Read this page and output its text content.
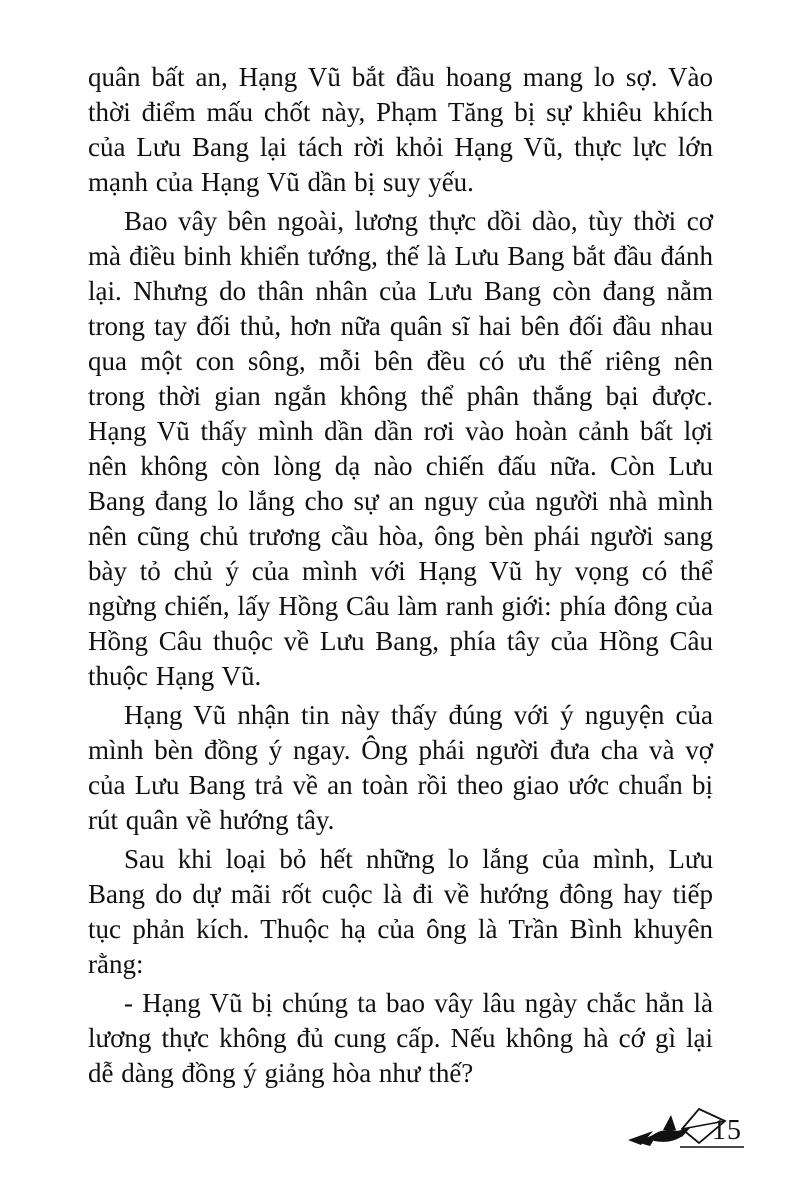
quân bất an, Hạng Vũ bắt đầu hoang mang lo sợ. Vào thời điểm mấu chốt này, Phạm Tăng bị sự khiêu khích của Lưu Bang lại tách rời khỏi Hạng Vũ, thực lực lớn mạnh của Hạng Vũ dần bị suy yếu.

Bao vây bên ngoài, lương thực dồi dào, tùy thời cơ mà điều binh khiển tướng, thế là Lưu Bang bắt đầu đánh lại. Nhưng do thân nhân của Lưu Bang còn đang nằm trong tay đối thủ, hơn nữa quân sĩ hai bên đối đầu nhau qua một con sông, mỗi bên đều có ưu thế riêng nên trong thời gian ngắn không thể phân thắng bại được. Hạng Vũ thấy mình dần dần rơi vào hoàn cảnh bất lợi nên không còn lòng dạ nào chiến đấu nữa. Còn Lưu Bang đang lo lắng cho sự an nguy của người nhà mình nên cũng chủ trương cầu hòa, ông bèn phái người sang bày tỏ chủ ý của mình với Hạng Vũ hy vọng có thể ngừng chiến, lấy Hồng Câu làm ranh giới: phía đông của Hồng Câu thuộc về Lưu Bang, phía tây của Hồng Câu thuộc Hạng Vũ.

Hạng Vũ nhận tin này thấy đúng với ý nguyện của mình bèn đồng ý ngay. Ông phái người đưa cha và vợ của Lưu Bang trả về an toàn rồi theo giao ước chuẩn bị rút quân về hướng tây.

Sau khi loại bỏ hết những lo lắng của mình, Lưu Bang do dự mãi rốt cuộc là đi về hướng đông hay tiếp tục phản kích. Thuộc hạ của ông là Trần Bình khuyên rằng:

- Hạng Vũ bị chúng ta bao vây lâu ngày chắc hẳn là lương thực không đủ cung cấp. Nếu không hà cớ gì lại dễ dàng đồng ý giảng hòa như thế?

15
